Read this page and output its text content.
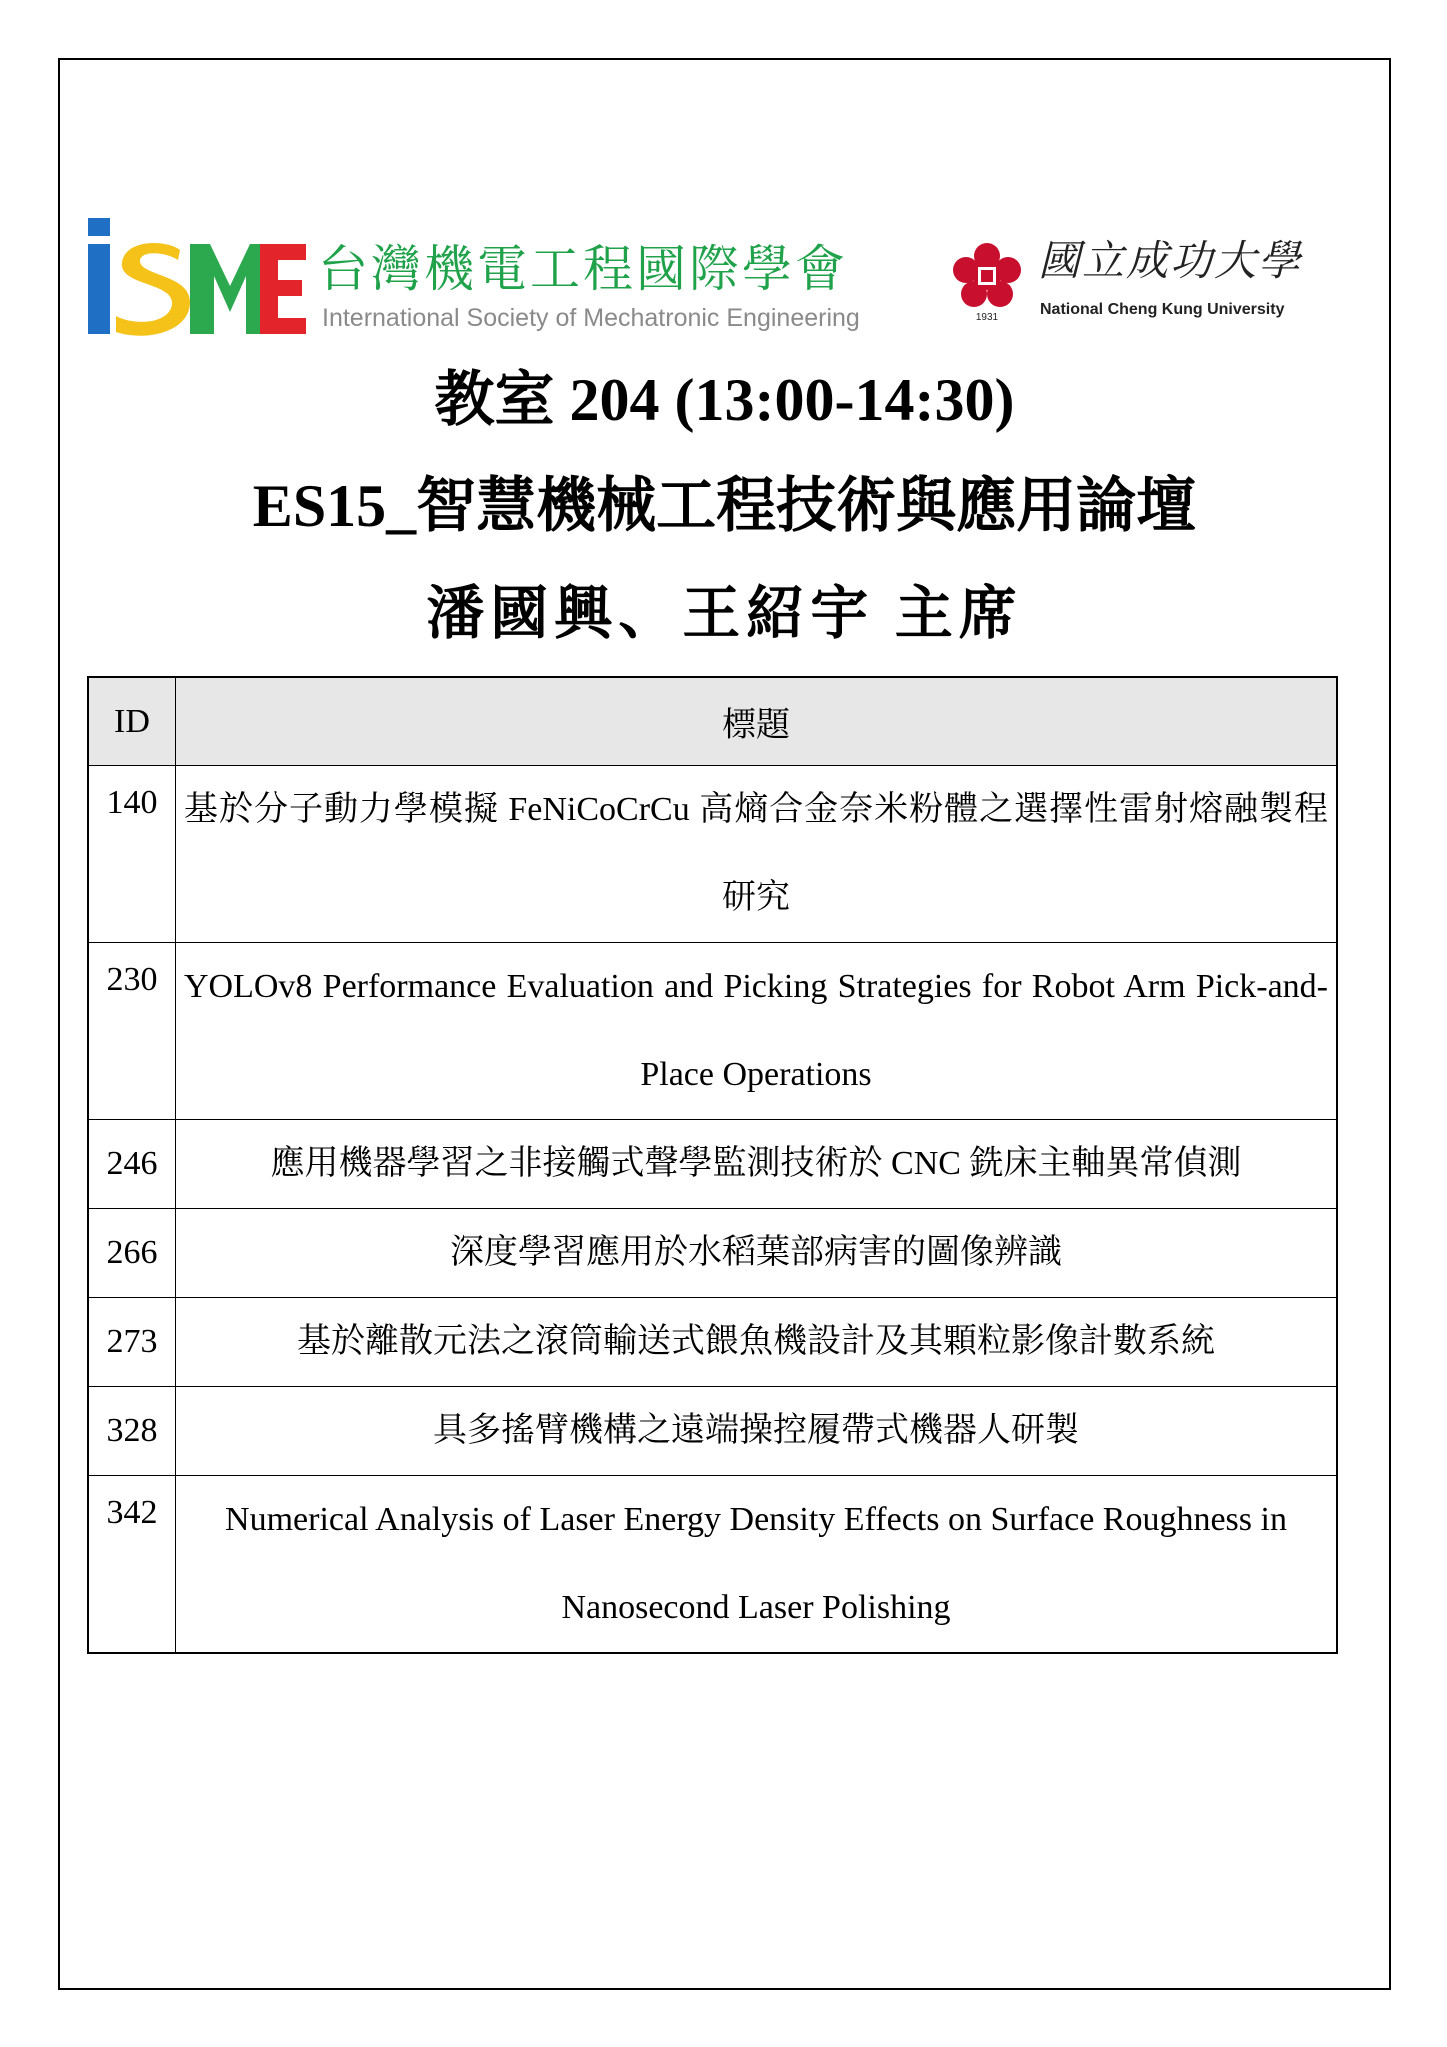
台灣機電工程國際學會
International Society of Mechatronic Engineering	1931
國立成功大學
National Cheng Kung University
教室 204 (13:00-14:30)
ES15_智慧機械工程技術與應用論壇
潘國興、王紹宇 主席
ID	標題
140	基於分子動力學模擬 FeNiCoCrCu 高熵合金奈米粉體之選擇性雷射熔融製程研究
230	YOLOv8 Performance Evaluation and Picking Strategies for Robot Arm Pick-and-Place Operations
246	應用機器學習之非接觸式聲學監測技術於 CNC 銑床主軸異常偵測
266	深度學習應用於水稻葉部病害的圖像辨識
273	基於離散元法之滾筒輸送式餵魚機設計及其顆粒影像計數系統
328	具多搖臂機構之遠端操控履帶式機器人研製
342	Numerical Analysis of Laser Energy Density Effects on Surface Roughness in Nanosecond Laser Polishing
